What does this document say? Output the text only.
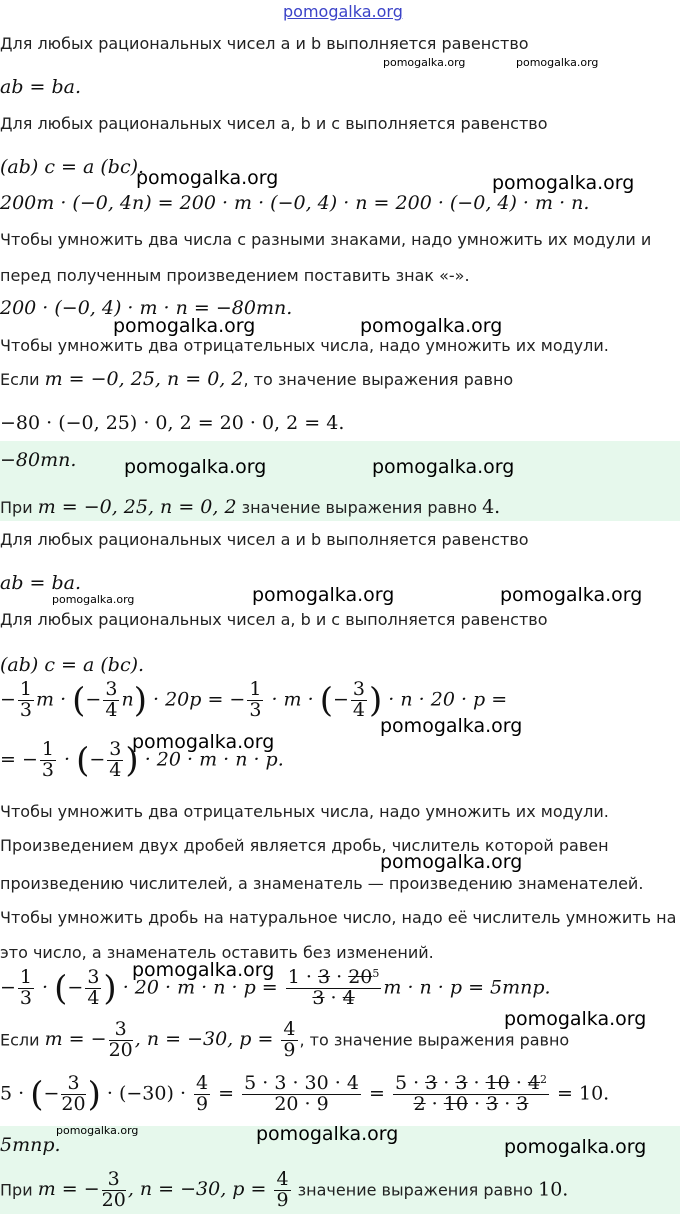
pomogalka.org
Для любых рациональных чисел a и b выполняется равенство
pomogalka.org	pomogalka.org
ab = ba.
Для любых рациональных чисел a, b и c выполняется равенство
(ab) c = a (bc).
pomogalka.org	pomogalka.org
200m · (−0, 4n) = 200 · m · (−0, 4) · n = 200 · (−0, 4) · m · n.
Чтобы умножить два числа с разными знаками, надо умножить их модули и
перед полученным произведением поставить знак «-».
200 · (−0, 4) · m · n = −80mn.
pomogalka.org	pomogalka.org
Чтобы умножить два отрицательных числа, надо умножить их модули.
Если m = −0, 25, n = 0, 2, то значение выражения равно
−80 · (−0, 25) · 0, 2 = 20 · 0, 2 = 4.
−80mn.	pomogalka.org	pomogalka.org
При m = −0, 25, n = 0, 2 значение выражения равно 4.
Для любых рациональных чисел a и b выполняется равенство
ab = ba.
pomogalka.org	pomogalka.org	pomogalka.org
Для любых рациональных чисел a, b и c выполняется равенство
(ab) c = a (bc).
− $\frac{1}{3}$ m · (− $\frac{3}{4} n) \cdot 20p$ = − $\frac{1}{3} \cdot m$ · (− $\frac{3}{4}$ ) · n · 20 · p =
pomogalka.org
pomogalka.org
= − $\frac{1}{3}$ · (− $\frac{3}{4}$ ) · 20 · m · n · p.
Чтобы умножить два отрицательных числа, надо умножить их модули.
Произведением двух дробей является дробь, числитель которой равен
pomogalka.org
произведению числителей, а знаменатель — произведению знаменателей.
Чтобы умножить дробь на натуральное число, надо её числитель умножить на
это число, а знаменатель оставить без изменений.
pomogalka.org
− $\frac{1}{3}$ · (− $\frac{3}{4}$ ) · $20 \cdot m \cdot n \cdot p = \frac{1 \cdot 3 \cdot 20^5}{3 \cdot 4}$ m · n · p = 5mnp.
pomogalka.org
Если m = − $\frac{3}{20}$ , n = −30, $p = \frac{4}{9}$ , то значение выражения равно
5 · (− $\frac{3}{20}$ ) · $(-30) \cdot \frac{4}{9} = \frac{5 \cdot 3 \cdot 30 \cdot 4}{20 \cdot 9} = \frac{5 \cdot 3 \cdot 3 \cdot 10 \cdot 4^2}{2 \cdot 10 \cdot 3 \cdot 3} = 10$.
pomogalka.org	pomogalka.org
5mnp.	pomogalka.org
При m = − $\frac{3}{20}$ , n = −30, $p = \frac{4}{9}$ значение выражения равно 10.
